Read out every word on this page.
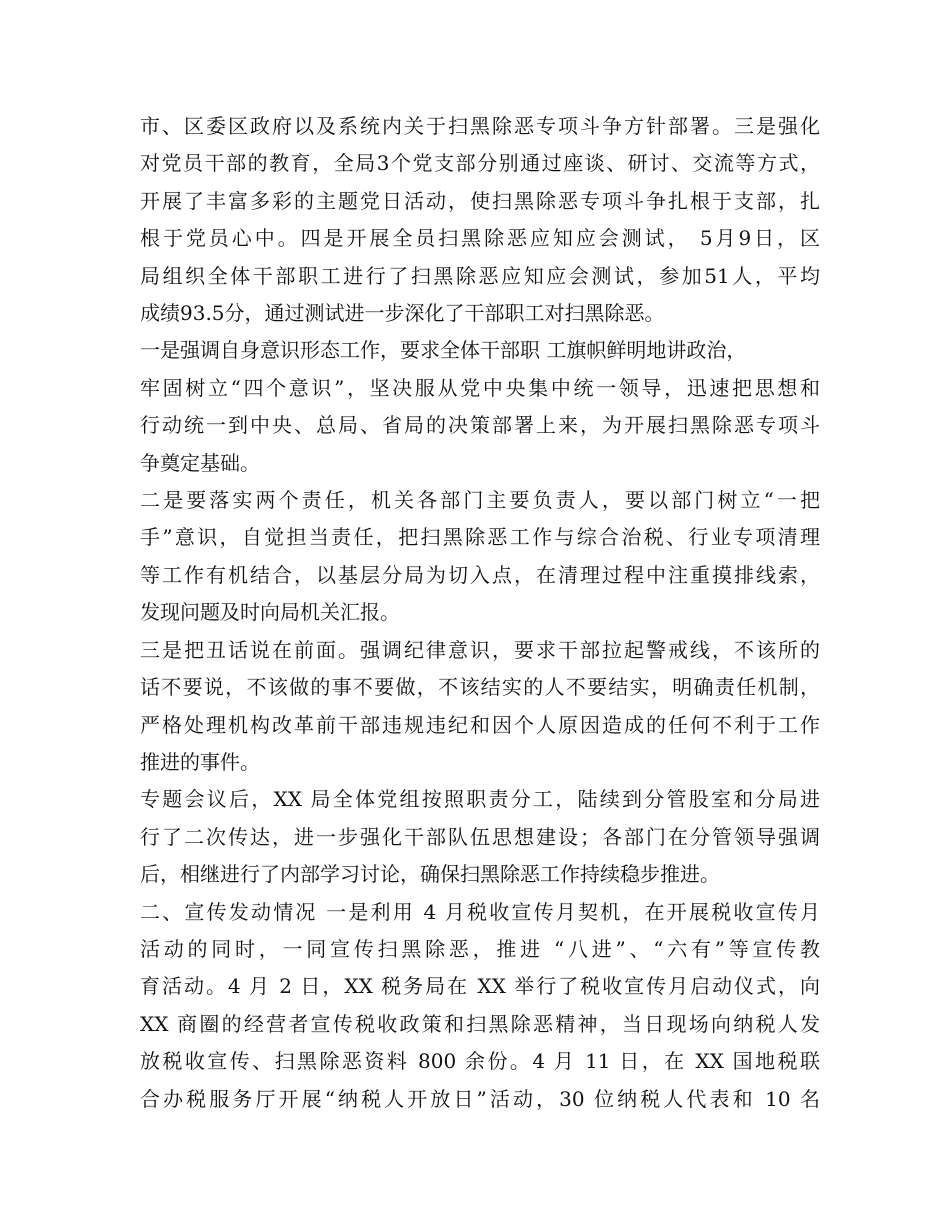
市、区委区政府以及系统内关于扫黑除恶专项斗争方针部署。三是强化
对党员干部的教育，全局3个党支部分别通过座谈、研讨、交流等方式，
开展了丰富多彩的主题党日活动，使扫黑除恶专项斗争扎根于支部，扎
根于党员心中。四是开展全员扫黑除恶应知应会测试， 5月9日，区
局组织全体干部职工进行了扫黑除恶应知应会测试，参加51人，平均
成绩93.5分，通过测试进一步深化了干部职工对扫黑除恶。
一是强调自身意识形态工作，要求全体干部职 工旗帜鲜明地讲政治，
牢固树立“四个意识”，坚决服从党中央集中统一领导，迅速把思想和
行动统一到中央、总局、省局的决策部署上来，为开展扫黑除恶专项斗
争奠定基础。
二是要落实两个责任，机关各部门主要负责人，要以部门树立“一把
手”意识，自觉担当责任，把扫黑除恶工作与综合治税、行业专项清理
等工作有机结合，以基层分局为切入点，在清理过程中注重摸排线索，
发现问题及时向局机关汇报。
三是把丑话说在前面。强调纪律意识，要求干部拉起警戒线，不该所的
话不要说，不该做的事不要做，不该结实的人不要结实，明确责任机制，
严格处理机构改革前干部违规违纪和因个人原因造成的任何不利于工作
推进的事件。
专题会议后，XX 局全体党组按照职责分工，陆续到分管股室和分局进
行了二次传达，进一步强化干部队伍思想建设；各部门在分管领导强调
后，相继进行了内部学习讨论，确保扫黑除恶工作持续稳步推进。
二、宣传发动情况 一是利用 4 月税收宣传月契机，在开展税收宣传月
活动的同时，一同宣传扫黑除恶，推进 “八进”、“六有”等宣传教
育活动。4 月 2 日，XX 税务局在 XX 举行了税收宣传月启动仪式，向
XX 商圈的经营者宣传税收政策和扫黑除恶精神，当日现场向纳税人发
放税收宣传、扫黑除恶资料 800 余份。4 月 11 日，在 XX 国地税联
合办税服务厅开展“纳税人开放日”活动，30 位纳税人代表和 10 名
